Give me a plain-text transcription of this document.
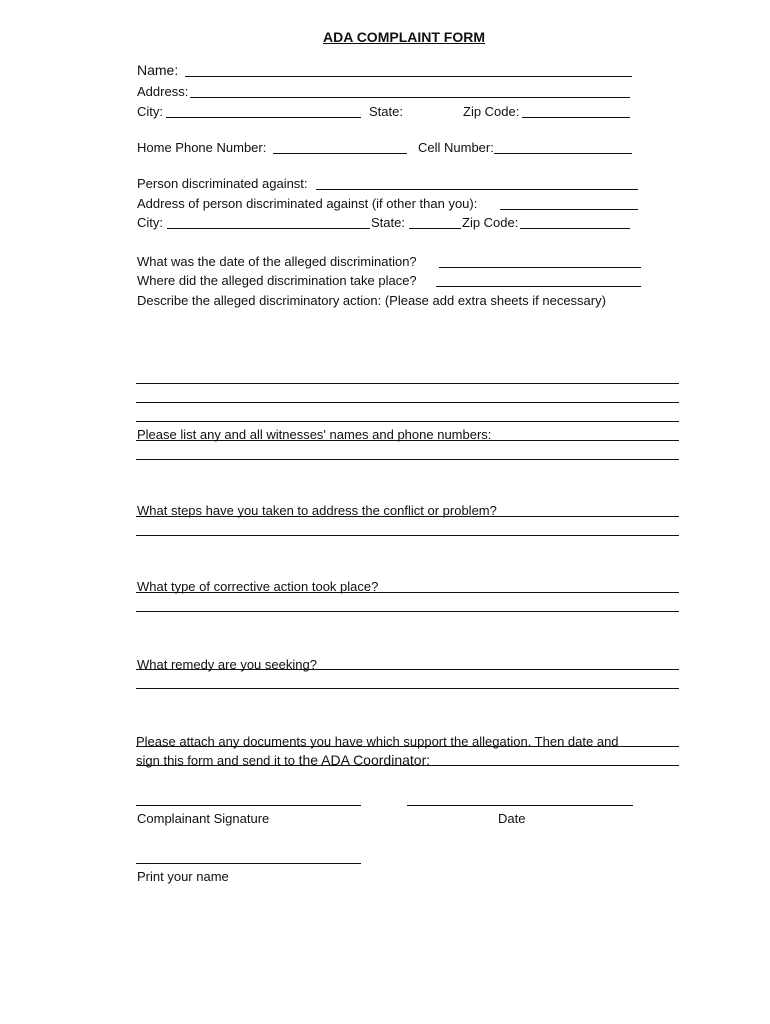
ADA COMPLAINT FORM
Name:
Address:
City:	State:	Zip Code:
Home Phone Number:	Cell Number:
Person discriminated against:
Address of person discriminated against (if other than you):
City:	State:	Zip Code:
What was the date of the alleged discrimination?
Where did the alleged discrimination take place?
Describe the alleged discriminatory action: (Please add extra sheets if necessary)
Please list any and all witnesses' names and phone numbers:
What steps have you taken to address the conflict or problem?
What type of corrective action took place?
What remedy are you seeking?
Please attach any documents you have which support the allegation. Then date and
sign this form and send it to the ADA Coordinator:
Complainant Signature	Date
Print your name
